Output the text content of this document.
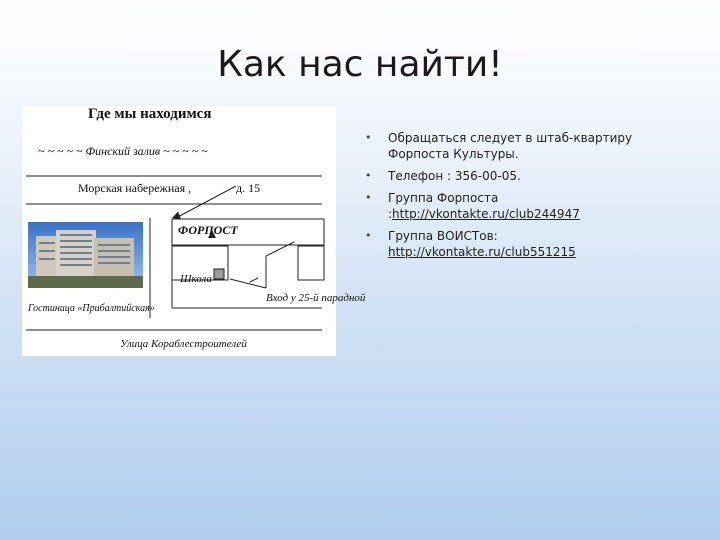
Как нас найти!
Где мы находимся
~ ~ ~ ~ ~ Финский залив ~ ~ ~ ~ ~
Морская набережная ,	д. 15
ФОРПОСТ
Школа
Вход у 25-й парадной
Гостиница «Прибалтийская»
Улица Кораблестроителей
• Обращаться следует в штаб-квартиру Форпоста Культуры.
• Телефон : 356-00-05.
• Группа Форпоста :http://vkontakte.ru/club244947
• Группа ВОИСТов:
http://vkontakte.ru/club551215
